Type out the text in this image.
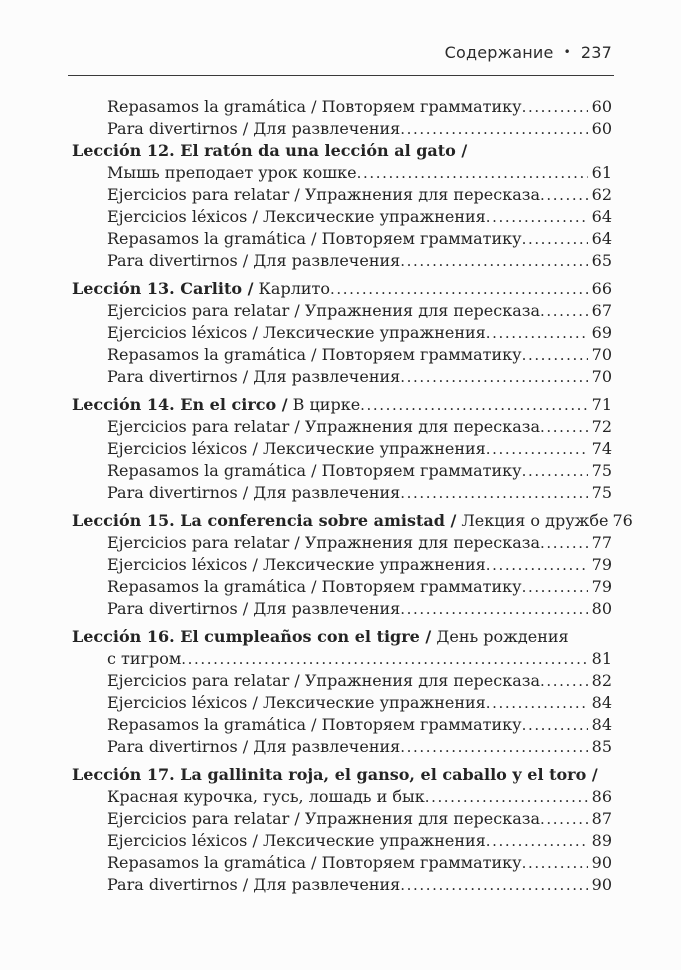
Содержание • 237
Repasamos la gramática / Повторяем грамматику .....	60
Para divertirnos / Для развлечения .....	60
Lección 12. El ratón da una lección al gato /
Мышь преподает урок кошке .....	61
Ejercicios para relatar / Упражнения для пересказа .....	62
Ejercicios léxicos / Лексические упражнения .....	64
Repasamos la gramática / Повторяем грамматику .....	64
Para divertirnos / Для развлечения .....	65
Lección 13. Carlito / Карлито .....	66
Ejercicios para relatar / Упражнения для пересказа .....	67
Ejercicios léxicos / Лексические упражнения .....	69
Repasamos la gramática / Повторяем грамматику .....	70
Para divertirnos / Для развлечения .....	70
Lección 14. En el circo / В цирке .....	71
Ejercicios para relatar / Упражнения для пересказа .....	72
Ejercicios léxicos / Лексические упражнения .....	74
Repasamos la gramática / Повторяем грамматику .....	75
Para divertirnos / Для развлечения .....	75
Lección 15. La conferencia sobre amistad / Лекция о дружбе 76
Ejercicios para relatar / Упражнения для пересказа .....	77
Ejercicios léxicos / Лексические упражнения .....	79
Repasamos la gramática / Повторяем грамматику .....	79
Para divertirnos / Для развлечения .....	80
Lección 16. El cumpleaños con el tigre / День рождения
с тигром .....	81
Ejercicios para relatar / Упражнения для пересказа .....	82
Ejercicios léxicos / Лексические упражнения .....	84
Repasamos la gramática / Повторяем грамматику .....	84
Para divertirnos / Для развлечения .....	85
Lección 17. La gallinita roja, el ganso, el caballo y el toro /
Красная курочка, гусь, лошадь и бык .....	86
Ejercicios para relatar / Упражнения для пересказа .....	87
Ejercicios léxicos / Лексические упражнения .....	89
Repasamos la gramática / Повторяем грамматику .....	90
Para divertirnos / Для развлечения .....	90
